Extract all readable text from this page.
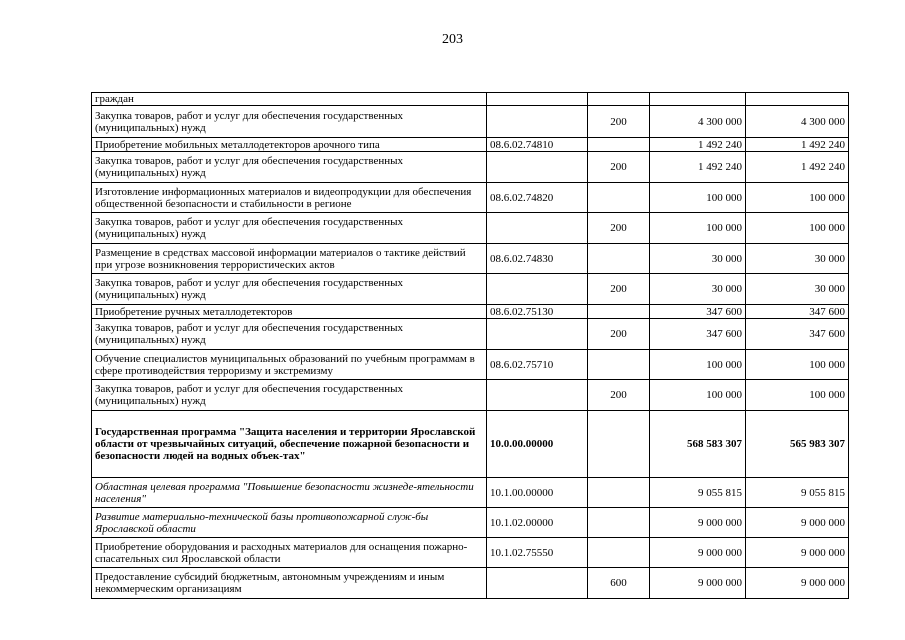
203
граждан				
Закупка товаров, работ и услуг для обеспечения государственных (муниципальных) нужд		200	4 300 000	4 300 000
Приобретение мобильных металлодетекторов арочного типа	08.6.02.74810		1 492 240	1 492 240
Закупка товаров, работ и услуг для обеспечения государственных (муниципальных) нужд		200	1 492 240	1 492 240
Изготовление информационных материалов и видеопродукции для обеспечения общественной безопасности и стабильности в регионе	08.6.02.74820		100 000	100 000
Закупка товаров, работ и услуг для обеспечения государственных (муниципальных) нужд		200	100 000	100 000
Размещение в средствах массовой информации материалов о тактике действий при угрозе возникновения террористических актов	08.6.02.74830		30 000	30 000
Закупка товаров, работ и услуг для обеспечения государственных (муниципальных) нужд		200	30 000	30 000
Приобретение ручных металлодетекторов	08.6.02.75130		347 600	347 600
Закупка товаров, работ и услуг для обеспечения государственных (муниципальных) нужд		200	347 600	347 600
Обучение специалистов муниципальных образований по учебным программам в сфере противодействия терроризму и экстремизму	08.6.02.75710		100 000	100 000
Закупка товаров, работ и услуг для обеспечения государственных (муниципальных) нужд		200	100 000	100 000
Государственная программа "Защита населения и территории Ярославской области от чрезвычайных ситуаций, обеспечение пожарной безопасности и безопасности людей на водных объек-тах"	10.0.00.00000		568 583 307	565 983 307
Областная целевая программа "Повышение безопасности жизнеде-ятельности населения"	10.1.00.00000		9 055 815	9 055 815
Развитие материально-технической базы противопожарной служ-бы Ярославской области	10.1.02.00000		9 000 000	9 000 000
Приобретение оборудования и расходных материалов для оснащения пожарно-спасательных сил Ярославской области	10.1.02.75550		9 000 000	9 000 000
Предоставление субсидий бюджетным, автономным учреждениям и иным некоммерческим организациям		600	9 000 000	9 000 000
